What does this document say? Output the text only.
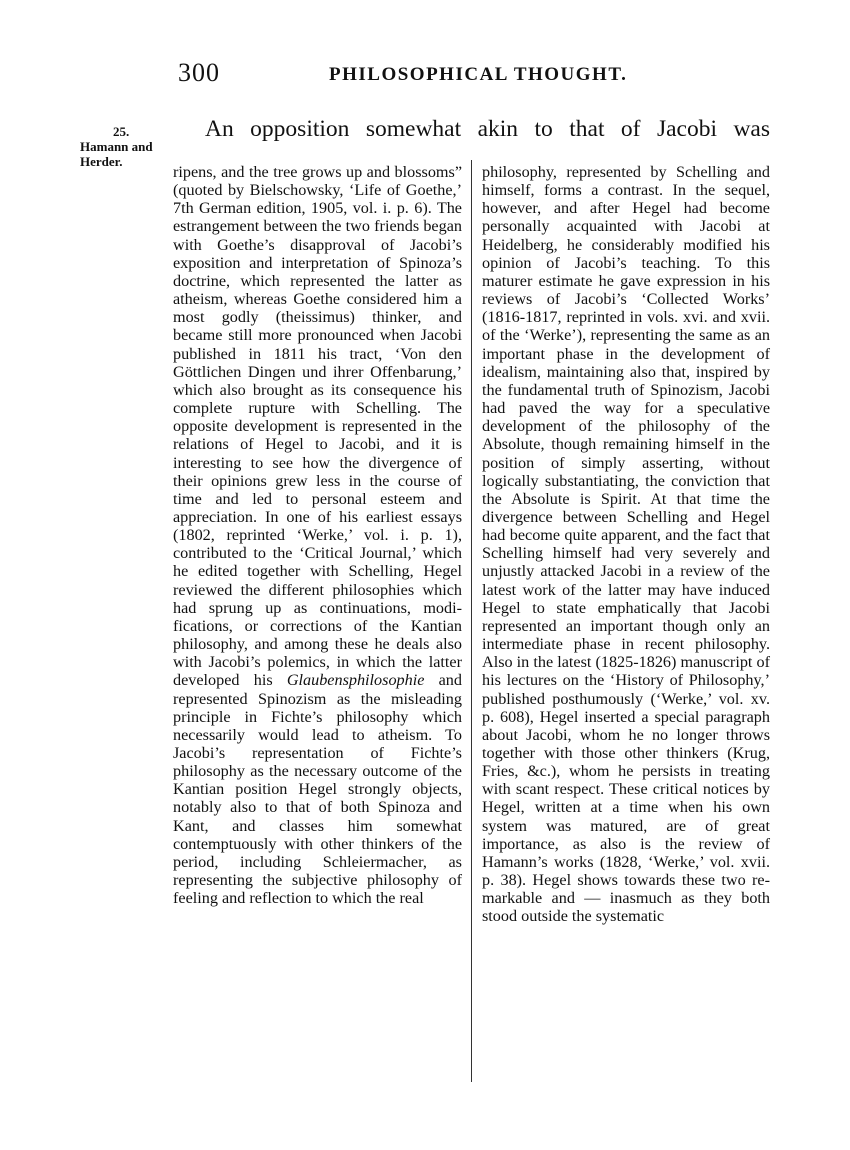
300	PHILOSOPHICAL THOUGHT.
25.
Hamann and Herder.
An opposition somewhat akin to that of Jacobi was

ripens, and the tree grows up and blossoms” (quoted by Bielschowsky, ‘Life of Goethe,’ 7th German edition, 1905, vol. i. p. 6). The estrangement between the two friends began with Goethe’s disapproval of Jacobi’s exposition and interpretation of Spinoza’s doctrine, which represented the latter as atheism, whereas Goethe considered him a most godly (theissimus) thinker, and became still more pronounced when Jacobi published in 1811 his tract, ‘Von den Göttlichen Dingen und ihrer Offenbarung,’ which also brought as its consequence his complete rupture with Schelling. The opposite development is represented in the relations of Hegel to Jacobi, and it is interesting to see how the divergence of their opinions grew less in the course of time and led to personal esteem and appreciation. In one of his earliest essays (1802, reprinted ‘Werke,’ vol. i. p. 1), contributed to the ‘Critical Journal,’ which he edited together with Schelling, Hegel reviewed the different philosophies which had sprung up as continuations, modifications, or corrections of the Kantian philosophy, and among these he deals also with Jacobi’s polemics, in which the latter developed his Glaubensphilosophie and represented Spinozism as the misleading principle in Fichte’s philosophy which necessarily would lead to atheism. To Jacobi’s representation of Fichte’s philosophy as the necessary outcome of the Kantian position Hegel strongly objects, notably also to that of both Spinoza and Kant, and classes him somewhat contemptuously with other thinkers of the period, including Schleiermacher, as representing the subjective philosophy of feeling and reflection to which the real

philosophy, represented by Schelling and himself, forms a contrast. In the sequel, however, and after Hegel had become personally acquainted with Jacobi at Heidelberg, he considerably modified his opinion of Jacobi’s teaching. To this maturer estimate he gave expression in his reviews of Jacobi’s ‘Collected Works’ (1816-1817, reprinted in vols. xvi. and xvii. of the ‘Werke’), representing the same as an important phase in the development of idealism, maintaining also that, inspired by the fundamental truth of Spinozism, Jacobi had paved the way for a speculative development of the philosophy of the Absolute, though remaining himself in the position of simply asserting, without logically substantiating, the conviction that the Absolute is Spirit. At that time the divergence between Schelling and Hegel had become quite apparent, and the fact that Schelling himself had very severely and unjustly attacked Jacobi in a review of the latest work of the latter may have induced Hegel to state emphatically that Jacobi represented an important though only an intermediate phase in recent philosophy. Also in the latest (1825-1826) manuscript of his lectures on the ‘History of Philosophy,’ published posthumously (‘Werke,’ vol. xv. p. 608), Hegel inserted a special paragraph about Jacobi, whom he no longer throws together with those other thinkers (Krug, Fries, &c.), whom he persists in treating with scant respect. These critical notices by Hegel, written at a time when his own system was matured, are of great importance, as also is the review of Hamann’s works (1828, ‘Werke,’ vol. xvii. p. 38). Hegel shows towards these two remarkable and — inasmuch as they both stood outside the systematic
